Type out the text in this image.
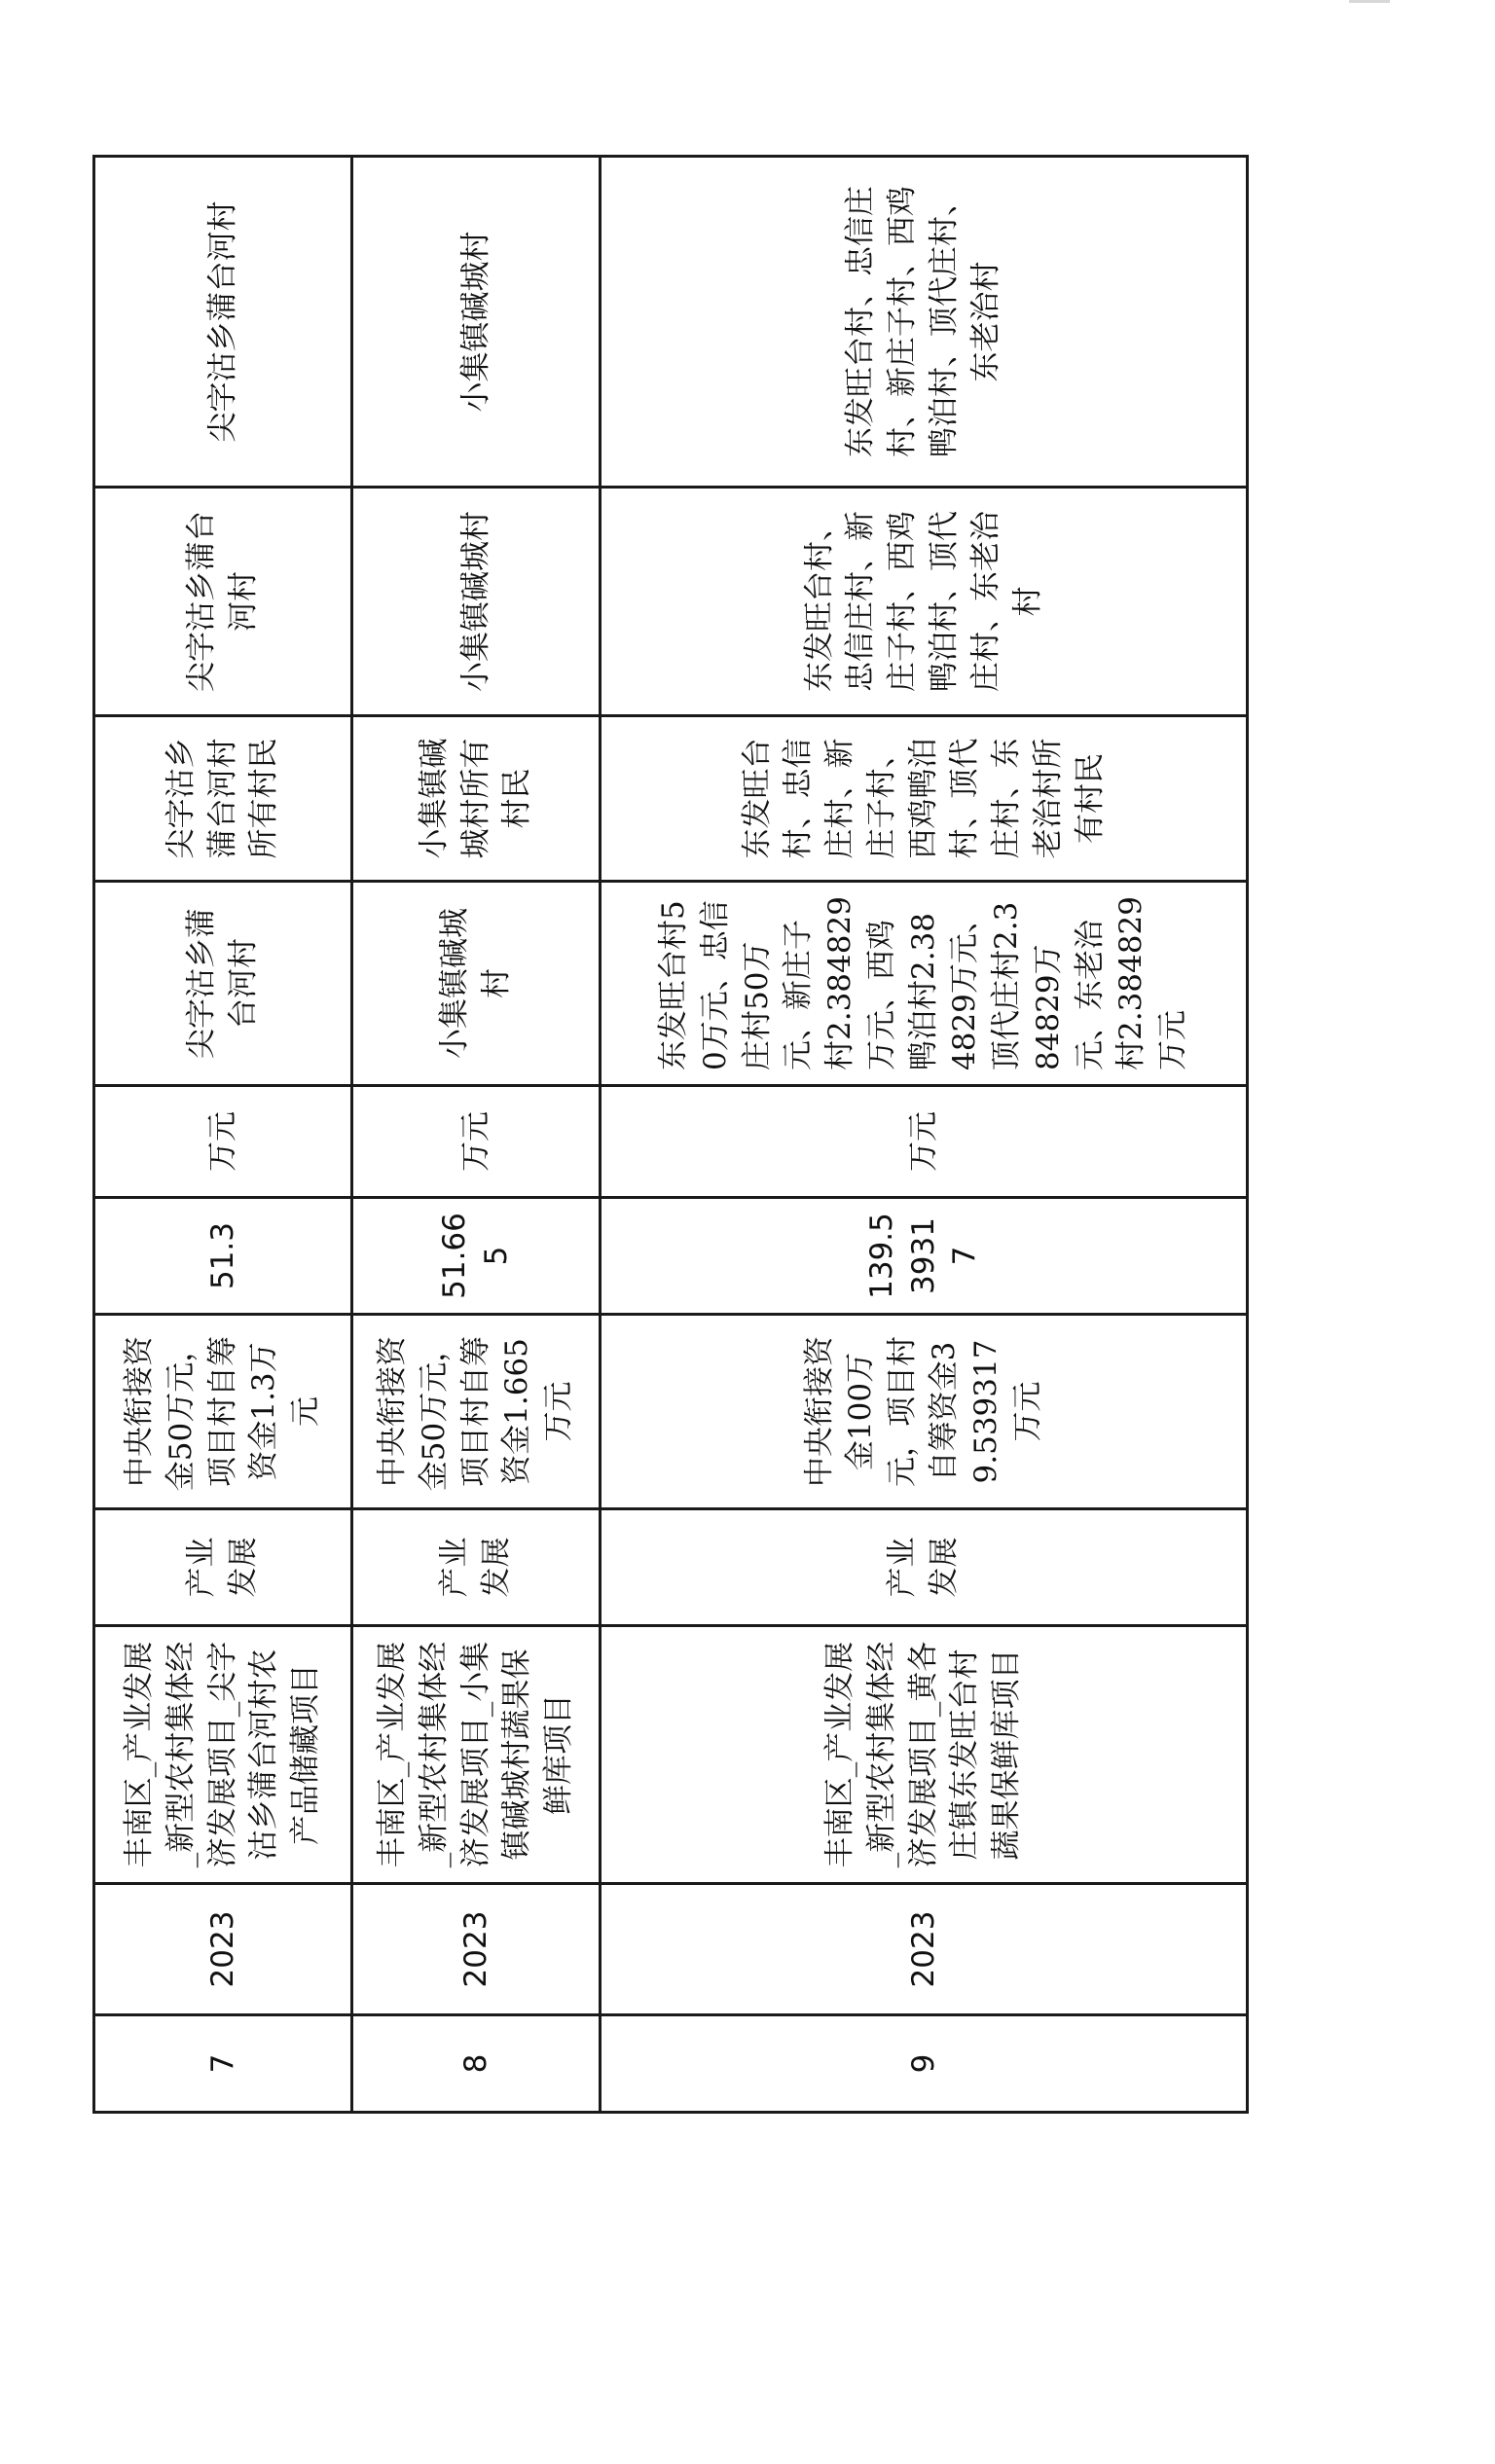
7	2023	丰南区_产业发展_新型农村集体经济发展项目_尖字沽乡蒲台河村农产品储藏项目	产业发展	中央衔接资金50万元，项目村自筹资金1.3万元	51.3	万元	尖字沽乡蒲台河村	尖字沽乡蒲台河村所有村民	尖字沽乡蒲台河村	尖字沽乡蒲台河村
8	2023	丰南区_产业发展_新型农村集体经济发展项目_小集镇碱城村蔬果保鲜库项目	产业发展	中央衔接资金50万元，项目村自筹资金1.665万元	51.665	万元	小集镇碱城村	小集镇碱城村所有村民	小集镇碱城村	小集镇碱城村
9	2023	丰南区_产业发展_新型农村集体经济发展项目_黄各庄镇东发旺台村蔬果保鲜库项目	产业发展	中央衔接资金100万元，项目村自筹资金39.539317万元	139.539317	万元	东发旺台村50万元、忠信庄村50万元、新庄子村2.384829万元、西鸡鸭泊村2.384829万元、顶代庄村2.384829万元、东老治村2.384829万元	东发旺台村、忠信庄村、新庄子村、西鸡鸭泊村、顶代庄村、东老治村所有村民	东发旺台村、忠信庄村、新庄子村、西鸡鸭泊村、顶代庄村、东老治村	东发旺台村、忠信庄村、新庄子村、西鸡鸭泊村、顶代庄村、东老治村
